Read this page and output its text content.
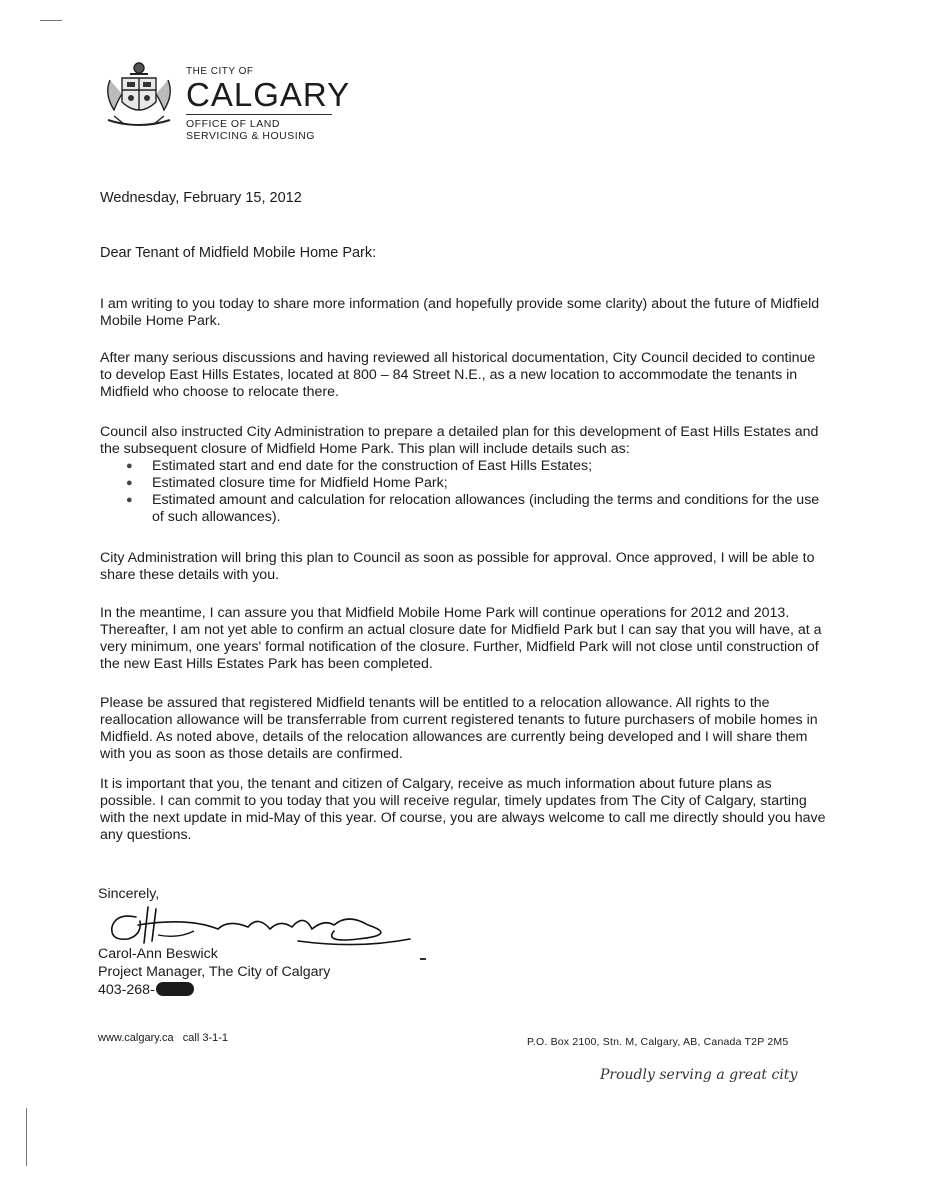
THE CITY OF
CALGARY
OFFICE OF LAND
SERVICING & HOUSING
Wednesday, February 15, 2012
Dear Tenant of Midfield Mobile Home Park:
I am writing to you today to share more information (and hopefully provide some clarity) about the future of Midfield Mobile Home Park.
After many serious discussions and having reviewed all historical documentation, City Council decided to continue to develop East Hills Estates, located at 800 – 84 Street N.E., as a new location to accommodate the tenants in Midfield who choose to relocate there.
Council also instructed City Administration to prepare a detailed plan for this development of East Hills Estates and the subsequent closure of Midfield Home Park. This plan will include details such as:
● Estimated start and end date for the construction of East Hills Estates;
● Estimated closure time for Midfield Home Park;
● Estimated amount and calculation for relocation allowances (including the terms and conditions for the use of such allowances).
City Administration will bring this plan to Council as soon as possible for approval. Once approved, I will be able to share these details with you.
In the meantime, I can assure you that Midfield Mobile Home Park will continue operations for 2012 and 2013. Thereafter, I am not yet able to confirm an actual closure date for Midfield Park but I can say that you will have, at a very minimum, one years' formal notification of the closure. Further, Midfield Park will not close until construction of the new East Hills Estates Park has been completed.
Please be assured that registered Midfield tenants will be entitled to a relocation allowance. All rights to the reallocation allowance will be transferrable from current registered tenants to future purchasers of mobile homes in Midfield. As noted above, details of the relocation allowances are currently being developed and I will share them with you as soon as those details are confirmed.
It is important that you, the tenant and citizen of Calgary, receive as much information about future plans as possible. I can commit to you today that you will receive regular, timely updates from The City of Calgary, starting with the next update in mid-May of this year. Of course, you are always welcome to call me directly should you have any questions.
Sincerely,
Carol-Ann Beswick
Project Manager, The City of Calgary
403-268-
www.calgary.ca call 3-1-1	P.O. Box 2100, Stn. M, Calgary, AB, Canada T2P 2M5
Proudly serving a great city
